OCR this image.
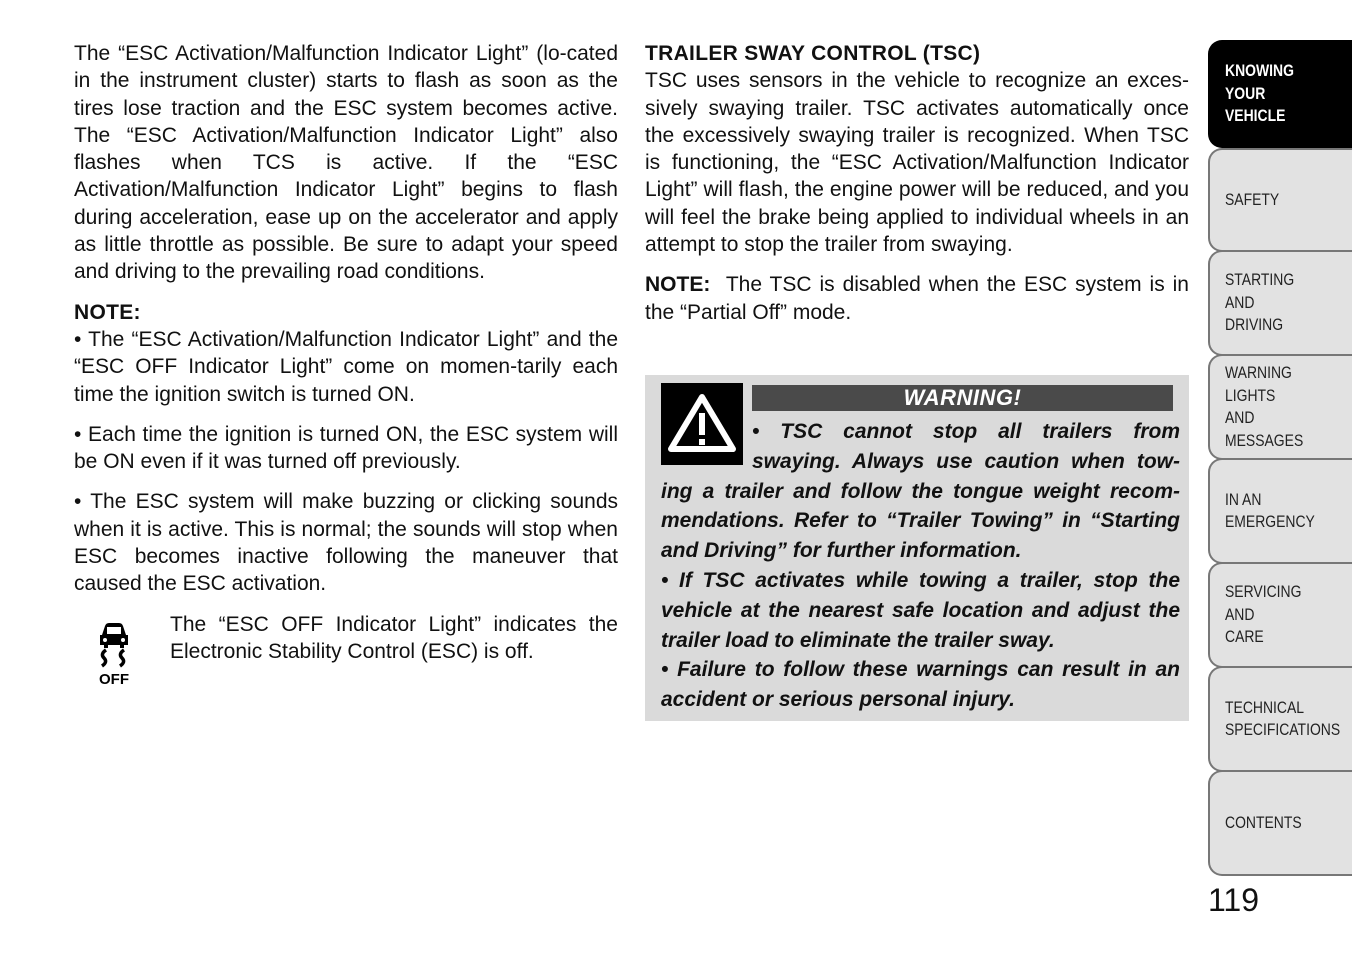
The “ESC Activation/Malfunction Indicator Light” (lo-cated in the instrument cluster) starts to flash as soon as the tires lose traction and the ESC system becomes active. The “ESC Activation/Malfunction Indicator Light” also flashes when TCS is active. If the “ESC Activation/Malfunction Indicator Light” begins to flash during acceleration, ease up on the accelerator and apply as little throttle as possible. Be sure to adapt your speed and driving to the prevailing road conditions.

NOTE:

• The “ESC Activation/Malfunction Indicator Light” and the “ESC OFF Indicator Light” come on momen-tarily each time the ignition switch is turned ON.

• Each time the ignition is turned ON, the ESC system will be ON even if it was turned off previously.

• The ESC system will make buzzing or clicking sounds when it is active. This is normal; the sounds will stop when ESC becomes inactive following the maneuver that caused the ESC activation.

OFF

The “ESC OFF Indicator Light” indicates the Electronic Stability Control (ESC) is off.

TRAILER SWAY CONTROL (TSC)

TSC uses sensors in the vehicle to recognize an exces-sively swaying trailer. TSC activates automatically once the excessively swaying trailer is recognized. When TSC is functioning, the “ESC Activation/Malfunction Indicator Light” will flash, the engine power will be reduced, and you will feel the brake being applied to individual wheels in an attempt to stop the trailer from swaying.

NOTE: The TSC is disabled when the ESC system is in the “Partial Off” mode.

WARNING!

• TSC cannot stop all trailers from swaying. Always use caution when tow-ing a trailer and follow the tongue weight recom-mendations. Refer to “Trailer Towing” in “Starting and Driving” for further information.

• If TSC activates while towing a trailer, stop the vehicle at the nearest safe location and adjust the trailer load to eliminate the trailer sway.

• Failure to follow these warnings can result in an accident or serious personal injury.

KNOWING
YOUR
VEHICLE
SAFETY
STARTING
AND
DRIVING
WARNING
LIGHTS
AND
MESSAGES
IN AN
EMERGENCY
SERVICING
AND
CARE
TECHNICAL
SPECIFICATIONS
CONTENTS
119
